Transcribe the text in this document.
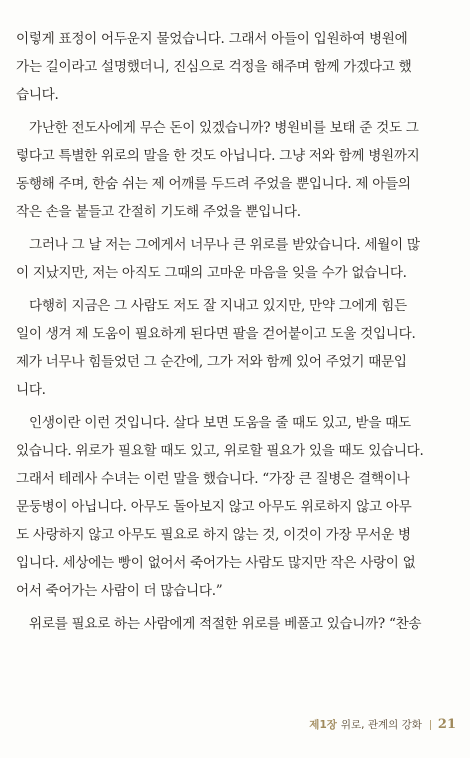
이렇게 표정이 어두운지 물었습니다. 그래서 아들이 입원하여 병원에
가는 길이라고 설명했더니, 진심으로 걱정을 해주며 함께 가겠다고 했
습니다.
가난한 전도사에게 무슨 돈이 있겠습니까? 병원비를 보태 준 것도 그
렇다고 특별한 위로의 말을 한 것도 아닙니다. 그냥 저와 함께 병원까지
동행해 주며, 한숨 쉬는 제 어깨를 두드려 주었을 뿐입니다. 제 아들의
작은 손을 붙들고 간절히 기도해 주었을 뿐입니다.
그러나 그 날 저는 그에게서 너무나 큰 위로를 받았습니다. 세월이 많
이 지났지만, 저는 아직도 그때의 고마운 마음을 잊을 수가 없습니다.
다행히 지금은 그 사람도 저도 잘 지내고 있지만, 만약 그에게 힘든
일이 생겨 제 도움이 필요하게 된다면 팔을 걷어붙이고 도울 것입니다.
제가 너무나 힘들었던 그 순간에, 그가 저와 함께 있어 주었기 때문입
니다.
인생이란 이런 것입니다. 살다 보면 도움을 줄 때도 있고, 받을 때도
있습니다. 위로가 필요할 때도 있고, 위로할 필요가 있을 때도 있습니다.
그래서 테레사 수녀는 이런 말을 했습니다. “가장 큰 질병은 결핵이나
문둥병이 아닙니다. 아무도 돌아보지 않고 아무도 위로하지 않고 아무
도 사랑하지 않고 아무도 필요로 하지 않는 것, 이것이 가장 무서운 병
입니다. 세상에는 빵이 없어서 죽어가는 사람도 많지만 작은 사랑이 없
어서 죽어가는 사람이 더 많습니다.”
위로를 필요로 하는 사람에게 적절한 위로를 베풀고 있습니까? “찬송
제1장 위로, 관계의 강화 21
